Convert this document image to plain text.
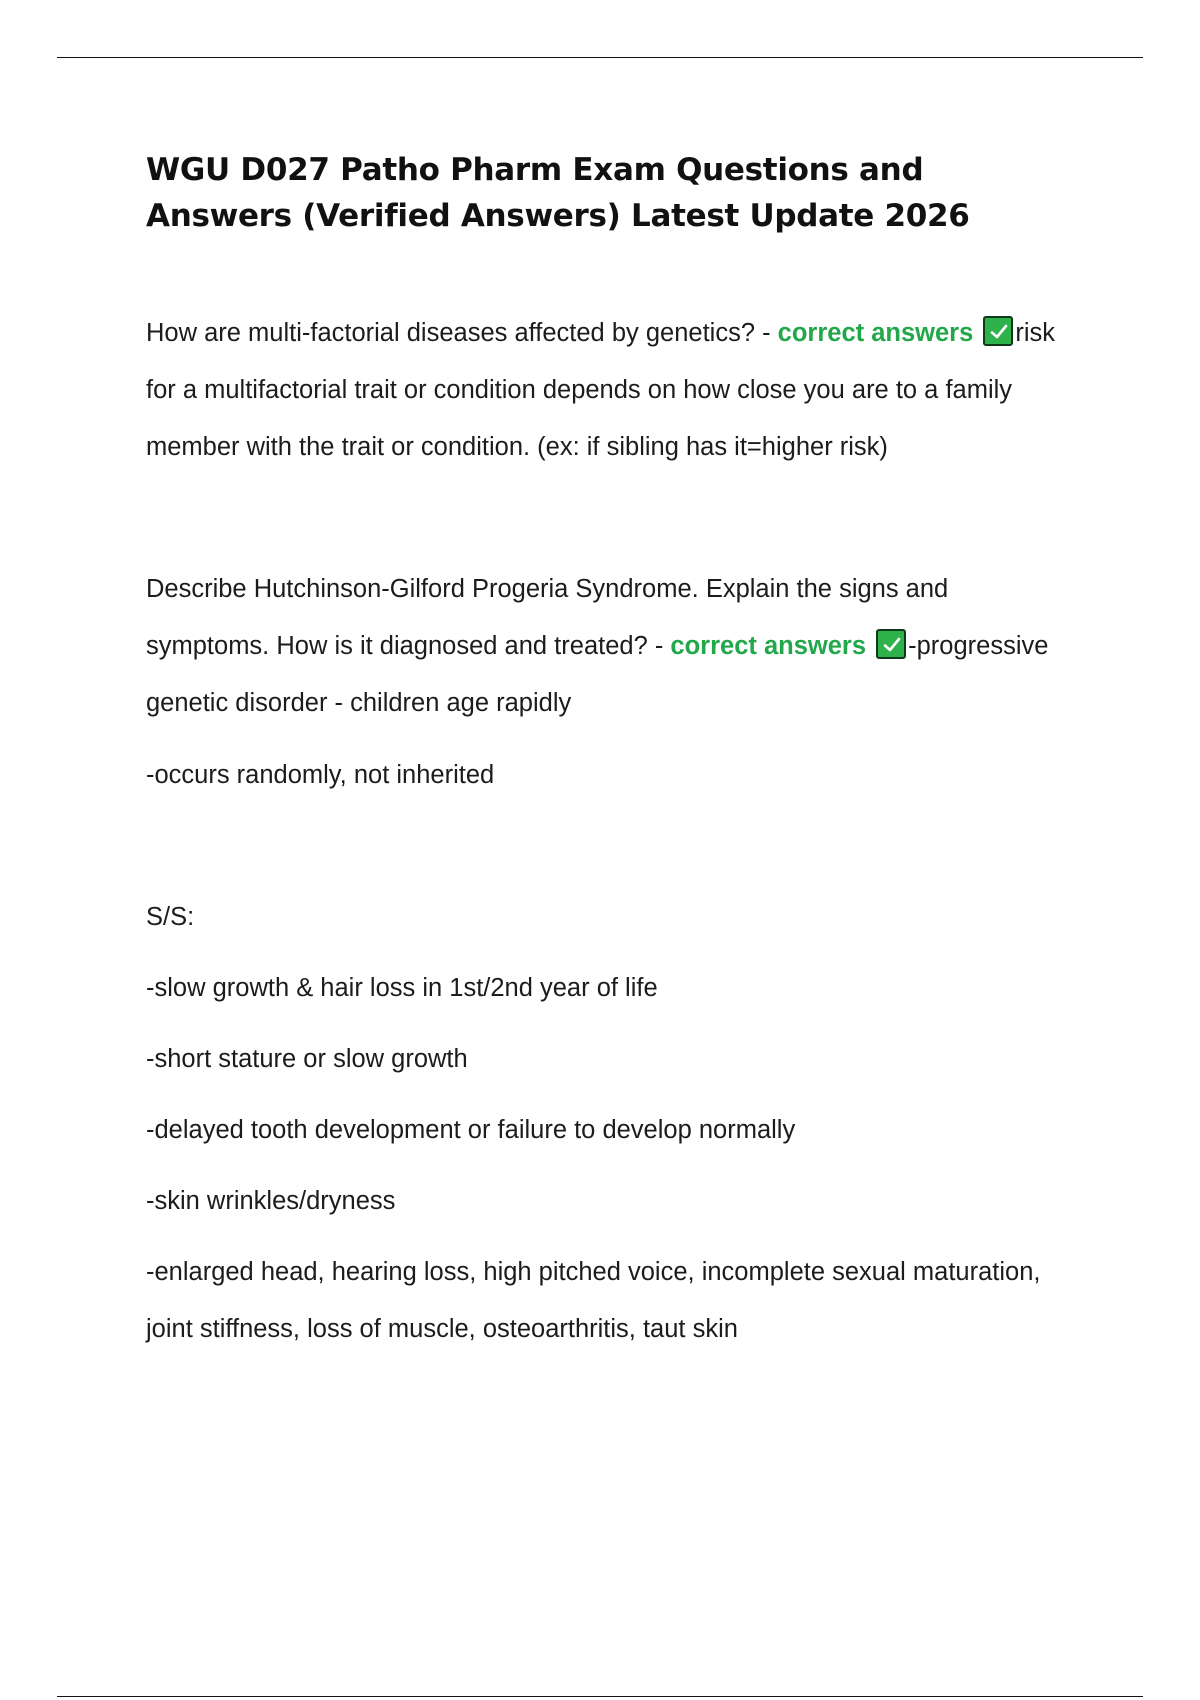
WGU D027 Patho Pharm Exam Questions and Answers (Verified Answers) Latest Update 2026

How are multi-factorial diseases affected by genetics? - correct answers risk for a multifactorial trait or condition depends on how close you are to a family member with the trait or condition. (ex: if sibling has it=higher risk)

Describe Hutchinson-Gilford Progeria Syndrome. Explain the signs and symptoms. How is it diagnosed and treated? - correct answers -progressive genetic disorder - children age rapidly

-occurs randomly, not inherited

S/S:

-slow growth & hair loss in 1st/2nd year of life

-short stature or slow growth

-delayed tooth development or failure to develop normally

-skin wrinkles/dryness

-enlarged head, hearing loss, high pitched voice, incomplete sexual maturation, joint stiffness, loss of muscle, osteoarthritis, taut skin
